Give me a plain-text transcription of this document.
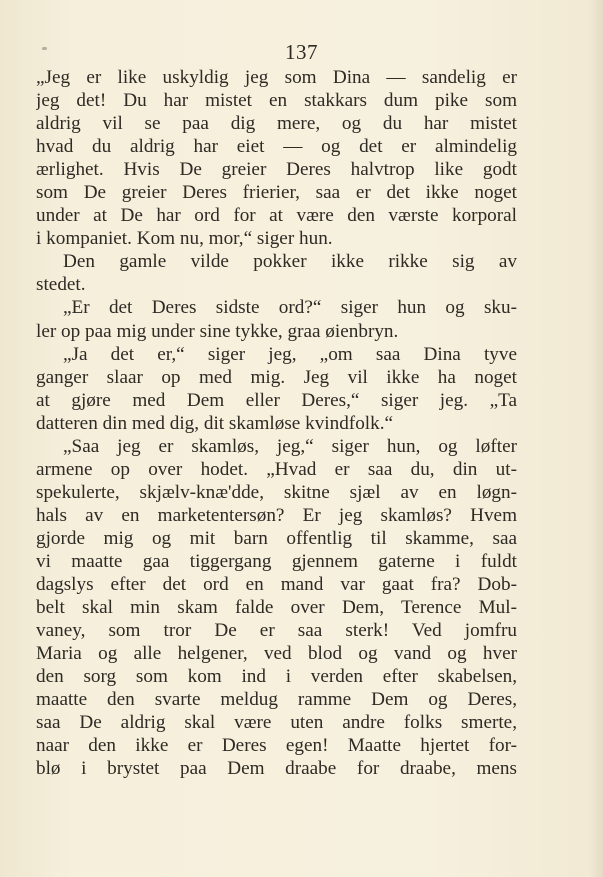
137
„Jeg er like uskyldig jeg som Dina — sandelig er
jeg det! Du har mistet en stakkars dum pike som
aldrig vil se paa dig mere, og du har mistet
hvad du aldrig har eiet — og det er almindelig
ærlighet. Hvis De greier Deres halvtrop like godt
som De greier Deres frierier, saa er det ikke noget
under at De har ord for at være den værste korporal
i kompaniet. Kom nu, mor,“ siger hun.
Den gamle vilde pokker ikke rikke sig av
stedet.
„Er det Deres sidste ord?“ siger hun og sku-
ler op paa mig under sine tykke, graa øienbryn.
„Ja det er,“ siger jeg, „om saa Dina tyve
ganger slaar op med mig. Jeg vil ikke ha noget
at gjøre med Dem eller Deres,“ siger jeg. „Ta
datteren din med dig, dit skamløse kvindfolk.“
„Saa jeg er skamløs, jeg,“ siger hun, og løfter
armene op over hodet. „Hvad er saa du, din ut-
spekulerte, skjælv-knæ'dde, skitne sjæl av en løgn-
hals av en marketentersøn? Er jeg skamløs? Hvem
gjorde mig og mit barn offentlig til skamme, saa
vi maatte gaa tiggergang gjennem gaterne i fuldt
dagslys efter det ord en mand var gaat fra? Dob-
belt skal min skam falde over Dem, Terence Mul-
vaney, som tror De er saa sterk! Ved jomfru
Maria og alle helgener, ved blod og vand og hver
den sorg som kom ind i verden efter skabelsen,
maatte den svarte meldug ramme Dem og Deres,
saa De aldrig skal være uten andre folks smerte,
naar den ikke er Deres egen! Maatte hjertet for-
blø i brystet paa Dem draabe for draabe, mens
